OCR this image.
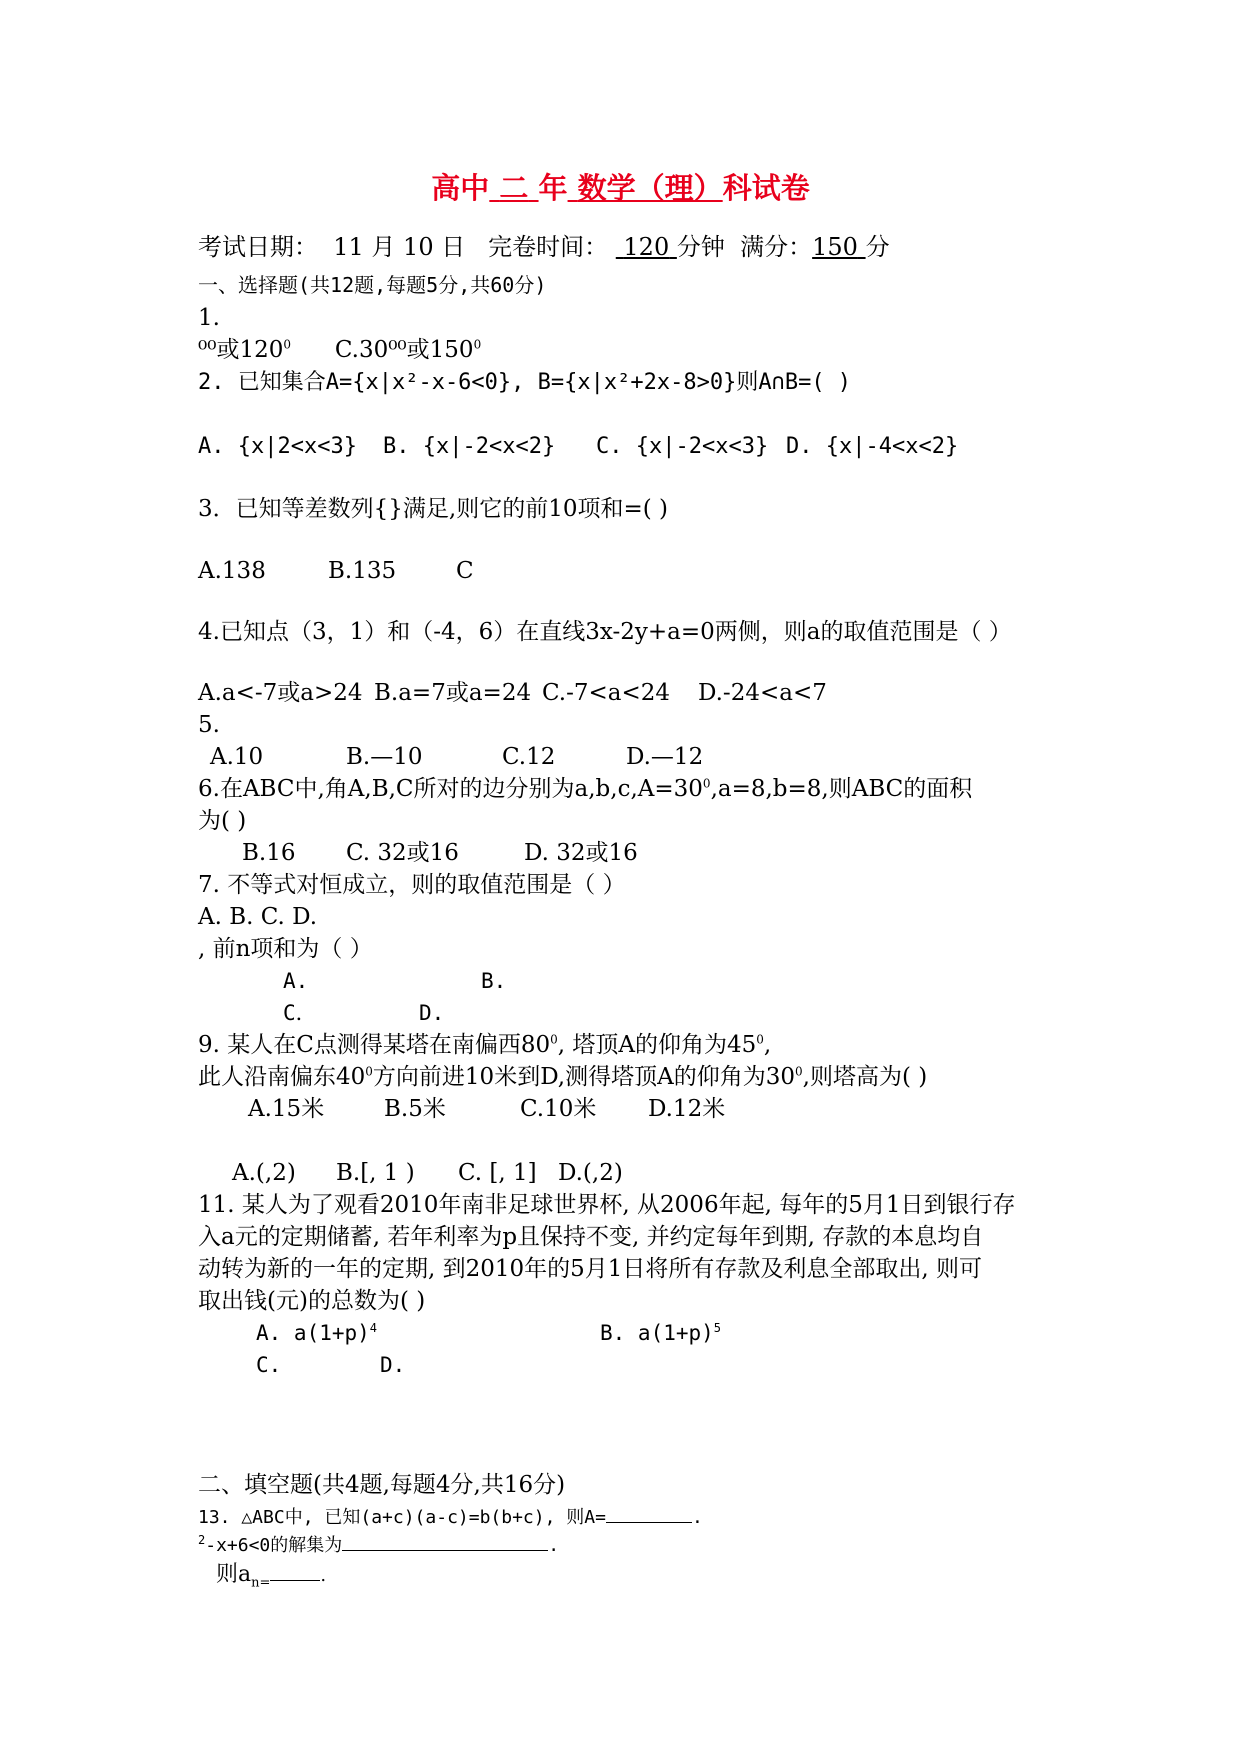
高中 二 年 数学（理）科试卷
考试日期： 11 月 10 日 完卷时间： 120 分钟 满分：150 分
一、选择题(共12题,每题5分,共60分)
1.
⁰⁰或$120^0$ C.30⁰⁰或$150^0$
2. 已知集合A={x|x²-x-6<0}, B={x|x²+2x-8>0}则A∩B=( )
A. {x|2<x<3} B. {x|-2<x<2} C. {x|-2<x<3} D. {x|-4<x<2}
3．已知等差数列{}满足,则它的前10项和=( )
A.138	B.135	C
4.已知点（3，1）和（-4，6）在直线3x-2y+a=0两侧，则a的取值范围是（ ）
A.a<-7或a>24 B.a=7或a=24 C.-7<a<24 D.-24<a<7
5.
A.10	B.—10	C.12	D.—12
6.在ABC中,角A,B,C所对的边分别为$a,b,c,A=30^0,a=8,b=8$,则ABC的面积
为( )
B.16 C. 32或16	D. 32或16
7. 不等式对恒成立，则的取值范围是（ ）
A. B. C. D.
, 前n项和为（ ）
A.	B.
C．	D.
9. 某人在C点测得某塔在南偏西$80^0$, 塔顶A的仰角为$45^0$,
此人沿南偏东$40^0$方向前进10米到D,测得塔顶A的仰角为$30^0$,则塔高为( )
A.15米	B.5米	C.10米 D.12米
A.(,2) B.[, 1 ) C. [, 1] D.(,2)
11. 某人为了观看2010年南非足球世界杯, 从2006年起, 每年的5月1日到银行存
入a元的定期储蓄, 若年利率为p且保持不变, 并约定每年到期, 存款的本息均自
动转为新的一年的定期, 到2010年的5月1日将所有存款及利息全部取出, 则可
取出钱(元)的总数为( )
A. $a(1+p)^4$	B. $a(1+p)^5$
C.	D.
二、填空题(共4题,每题4分,共16分)
13. △ABC中, 已知(a+c)(a-c)=b(b+c), 则A=	.
$^2$-x+6<0的解集为	.
则$a_{n=}$	.
